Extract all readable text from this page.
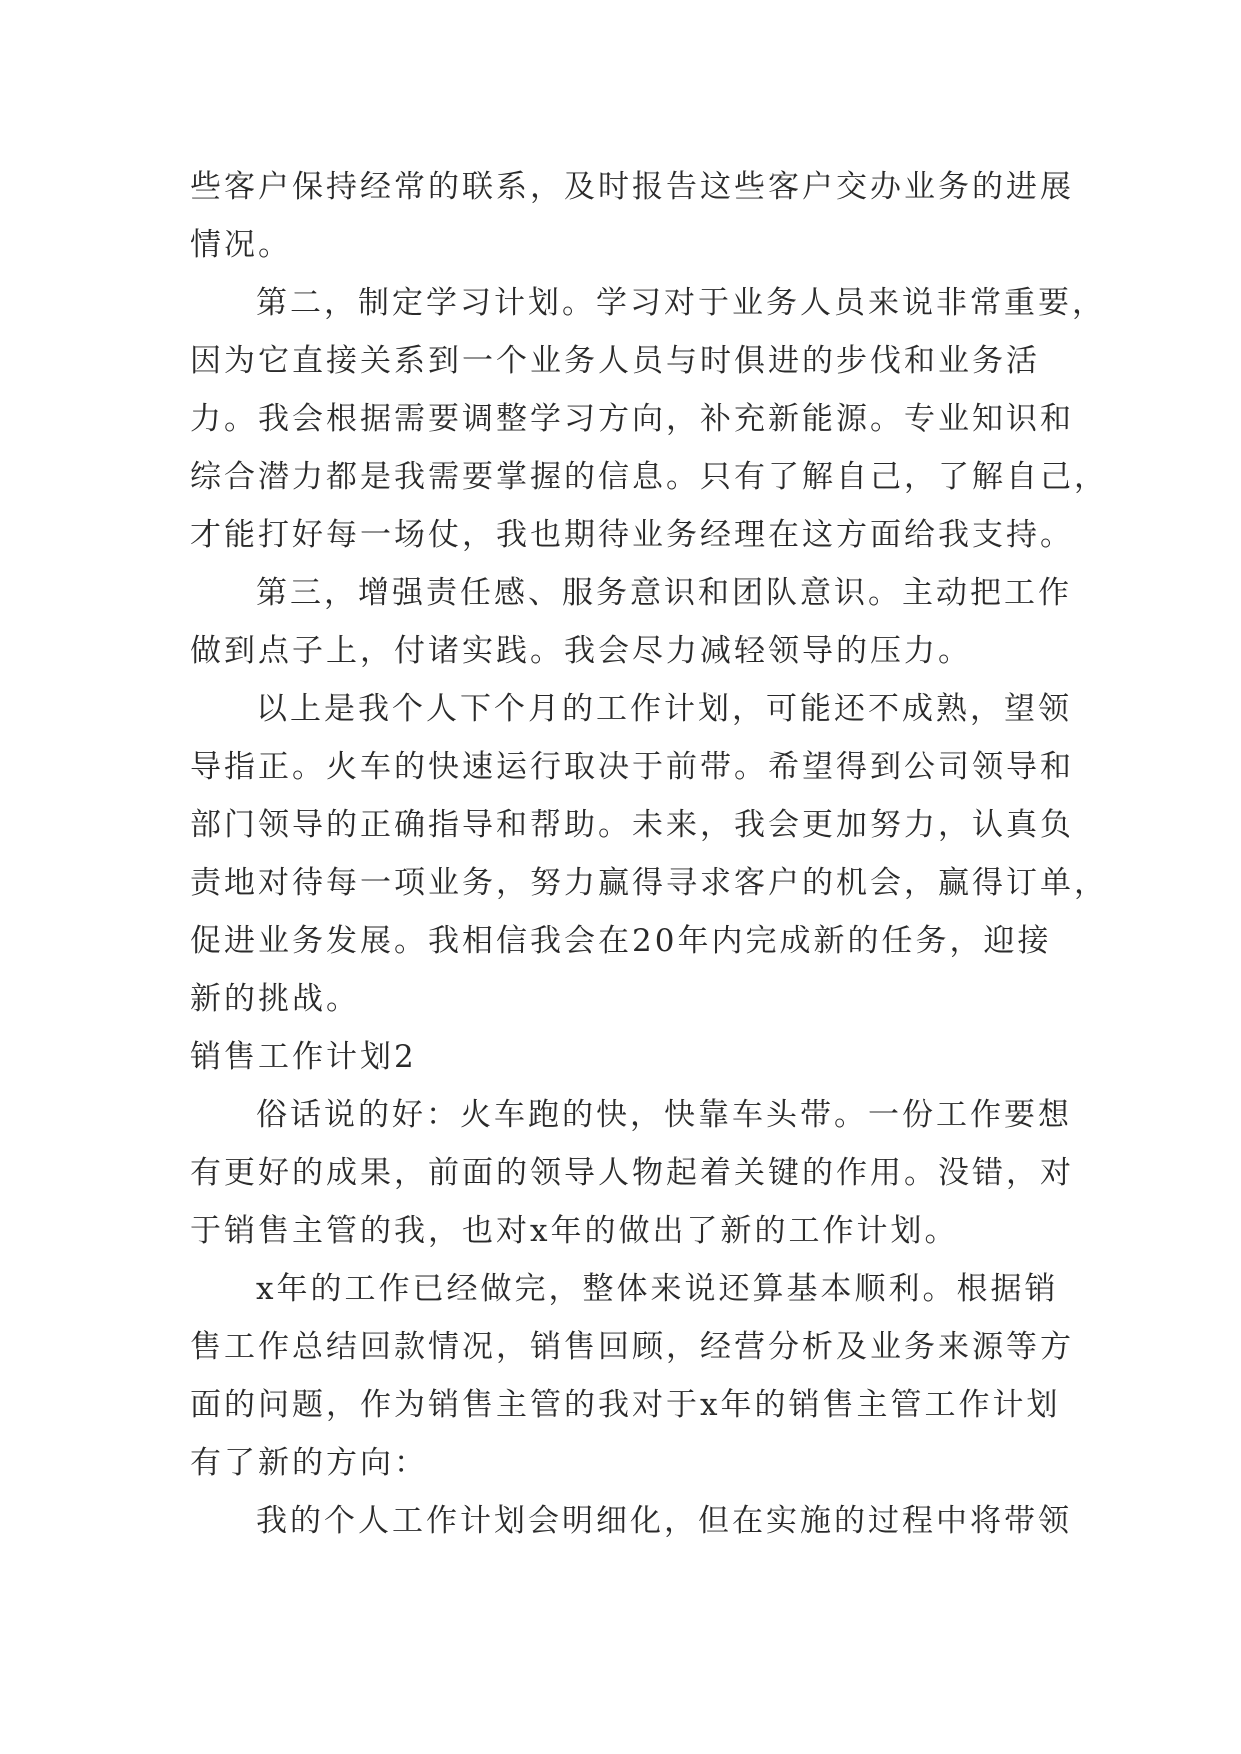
些客户保持经常的联系，及时报告这些客户交办业务的进展
情况。
第二，制定学习计划。学习对于业务人员来说非常重要，
因为它直接关系到一个业务人员与时俱进的步伐和业务活
力。我会根据需要调整学习方向，补充新能源。专业知识和
综合潜力都是我需要掌握的信息。只有了解自己，了解自己，
才能打好每一场仗，我也期待业务经理在这方面给我支持。
第三，增强责任感、服务意识和团队意识。主动把工作
做到点子上，付诸实践。我会尽力减轻领导的压力。
以上是我个人下个月的工作计划，可能还不成熟，望领
导指正。火车的快速运行取决于前带。希望得到公司领导和
部门领导的正确指导和帮助。未来，我会更加努力，认真负
责地对待每一项业务，努力赢得寻求客户的机会，赢得订单，
促进业务发展。我相信我会在20年内完成新的任务，迎接
新的挑战。
销售工作计划2
俗话说的好：火车跑的快，快靠车头带。一份工作要想
有更好的成果，前面的领导人物起着关键的作用。没错，对
于销售主管的我，也对x年的做出了新的工作计划。
x年的工作已经做完，整体来说还算基本顺利。根据销
售工作总结回款情况，销售回顾，经营分析及业务来源等方
面的问题，作为销售主管的我对于x年的销售主管工作计划
有了新的方向：
我的个人工作计划会明细化，但在实施的过程中将带领
